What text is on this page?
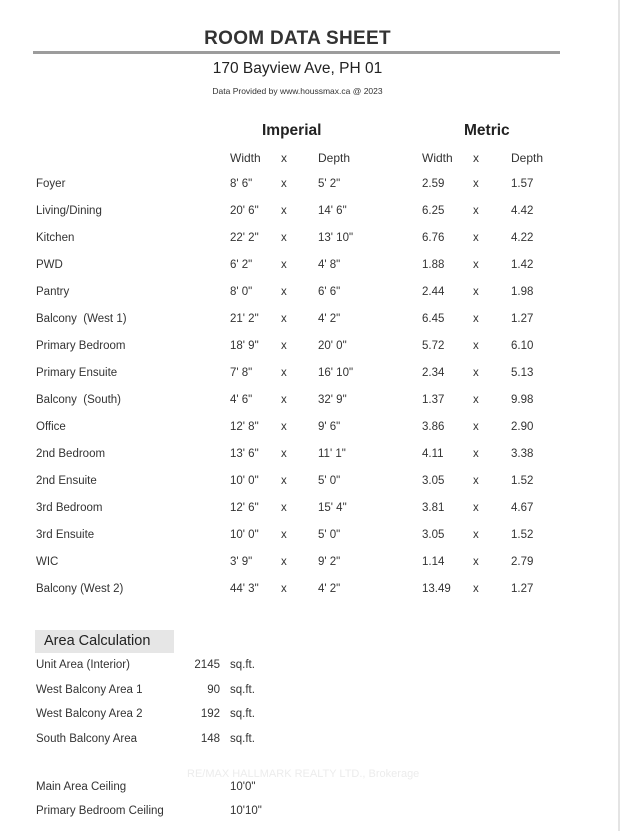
ROOM DATA SHEET
170 Bayview Ave, PH 01
Data Provided by www.houssmax.ca @ 2023
Imperial	Metric
Width x	Depth	Width x	Depth
Foyer	8' 6" x	5' 2"	2.59 x	1.57
Living/Dining	20' 6" x	14' 6"	6.25 x	4.42
Kitchen	22' 2" x	13' 10"	6.76 x	4.22
PWD	6' 2" x	4' 8"	1.88 x	1.42
Pantry	8' 0" x	6' 6"	2.44 x	1.98
Balcony  (West 1)	21' 2" x	4' 2"	6.45 x	1.27
Primary Bedroom	18' 9" x	20' 0"	5.72 x	6.10
Primary Ensuite	7' 8" x	16' 10"	2.34 x	5.13
Balcony  (South)	4' 6" x	32' 9"	1.37 x	9.98
Office	12' 8" x	9' 6"	3.86 x	2.90
2nd Bedroom	13' 6" x	11' 1"	4.11	x	3.38
2nd Ensuite	10' 0" x	5' 0"	3.05 x	1.52
3rd Bedroom	12' 6" x	15' 4"	3.81 x	4.67
3rd Ensuite	10' 0" x	5' 0"	3.05 x	1.52
WIC	3' 9" x	9' 2"	1.14 x	2.79
Balcony (West 2)	44' 3" x	4' 2"	13.49 x	1.27
Area Calculation
Unit Area (Interior)	2145 sq.ft.
West Balcony Area 1	90 sq.ft.
West Balcony Area 2	192 sq.ft.
South Balcony Area	148 sq.ft.
RE/MAX HALLMARK REALTY LTD., Brokerage
Main Area Ceiling	10'0"
Primary Bedroom Ceiling	10'10"
